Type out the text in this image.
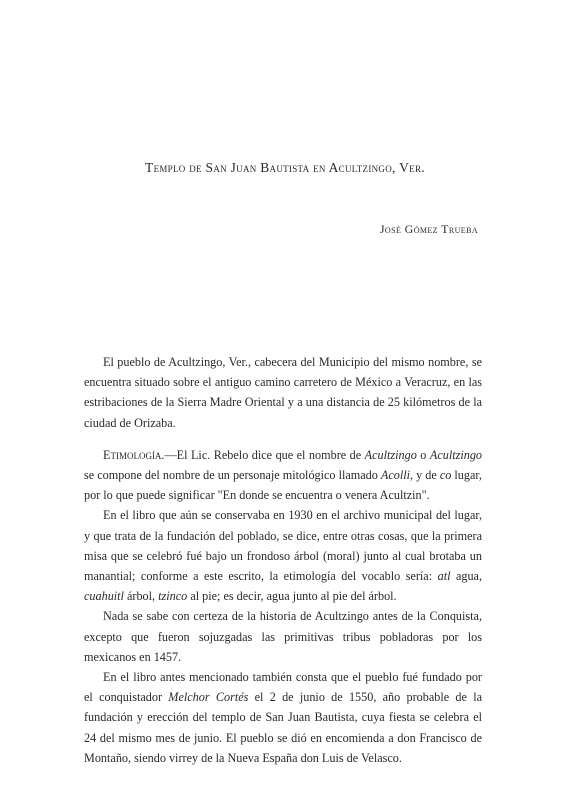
Templo de San Juan Bautista en Acultzingo, Ver.
José Gómez Trueba

El pueblo de Acultzingo, Ver., cabecera del Municipio del mismo nombre, se encuentra situado sobre el antiguo camino carretero de México a Veracruz, en las estribaciones de la Sierra Madre Oriental y a una distancia de 25 kilómetros de la ciudad de Orizaba.

Etimología.—El Lic. Rebelo dice que el nombre de Acultzingo o Acultzingo se compone del nombre de un personaje mitológico llamado Acolli, y de co lugar, por lo que puede significar "En donde se encuentra o venera Acultzin".

En el libro que aún se conservaba en 1930 en el archivo municipal del lugar, y que trata de la fundación del poblado, se dice, entre otras cosas, que la primera misa que se celebró fué bajo un frondoso árbol (moral) junto al cual brotaba un manantial; conforme a este escrito, la etimología del vocablo sería: atl agua, cuahuitl árbol, tzinco al pie; es decir, agua junto al pie del árbol.

Nada se sabe con certeza de la historia de Acultzingo antes de la Conquista, excepto que fueron sojuzgadas las primitivas tribus pobladoras por los mexicanos en 1457.

En el libro antes mencionado también consta que el pueblo fué fundado por el conquistador Melchor Cortés el 2 de junio de 1550, año probable de la fundación y erección del templo de San Juan Bautista, cuya fiesta se celebra el 24 del mismo mes de junio. El pueblo se dió en encomienda a don Francisco de Montaño, siendo virrey de la Nueva España don Luis de Velasco.
